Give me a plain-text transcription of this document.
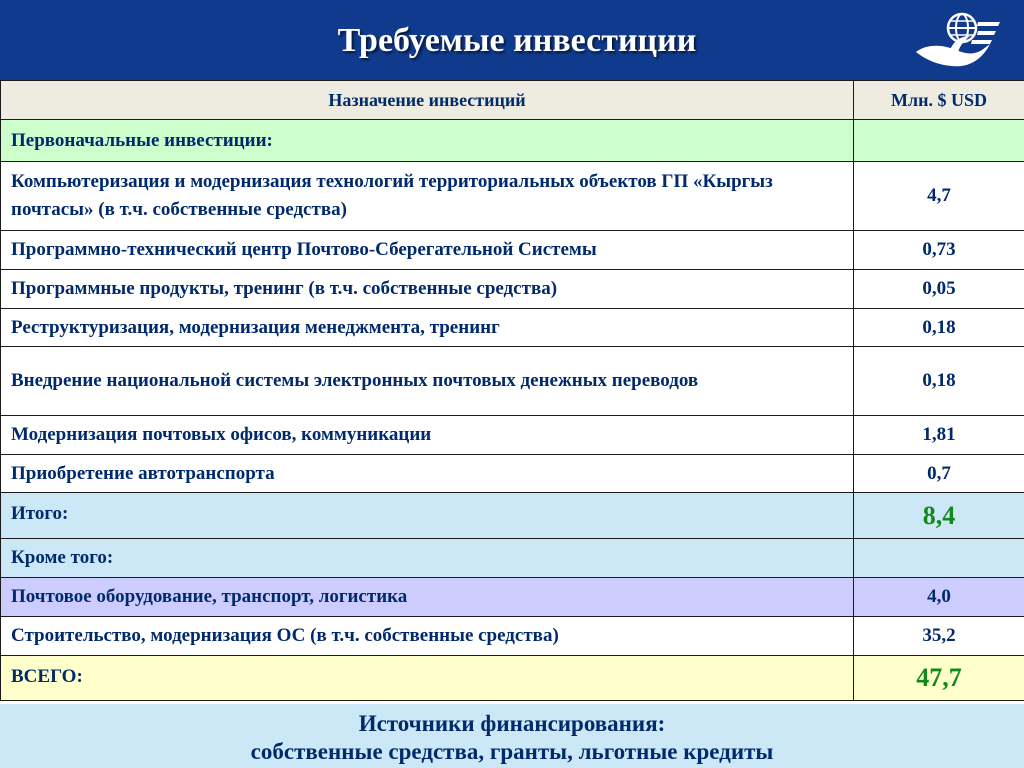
Требуемые инвестиции
Назначение инвестиций	Млн. $ USD
Первоначальные инвестиции:	
Компьютеризация и модернизация технологий территориальных объектов ГП «Кыргыз почтасы» (в т.ч. собственные средства)	4,7
Программно-технический центр Почтово-Сберегательной Системы	0,73
Программные продукты, тренинг (в т.ч. собственные средства)	0,05
Реструктуризация, модернизация менеджмента, тренинг	0,18
Внедрение национальной системы электронных почтовых денежных переводов	0,18
Модернизация почтовых офисов, коммуникации	1,81
Приобретение автотранспорта	0,7
Итого:	8,4
Кроме того:	
Почтовое оборудование, транспорт, логистика	4,0
Строительство, модернизация ОС (в т.ч. собственные средства)	35,2
ВСЕГО:	47,7
Источники финансирования:
собственные средства, гранты, льготные кредиты
